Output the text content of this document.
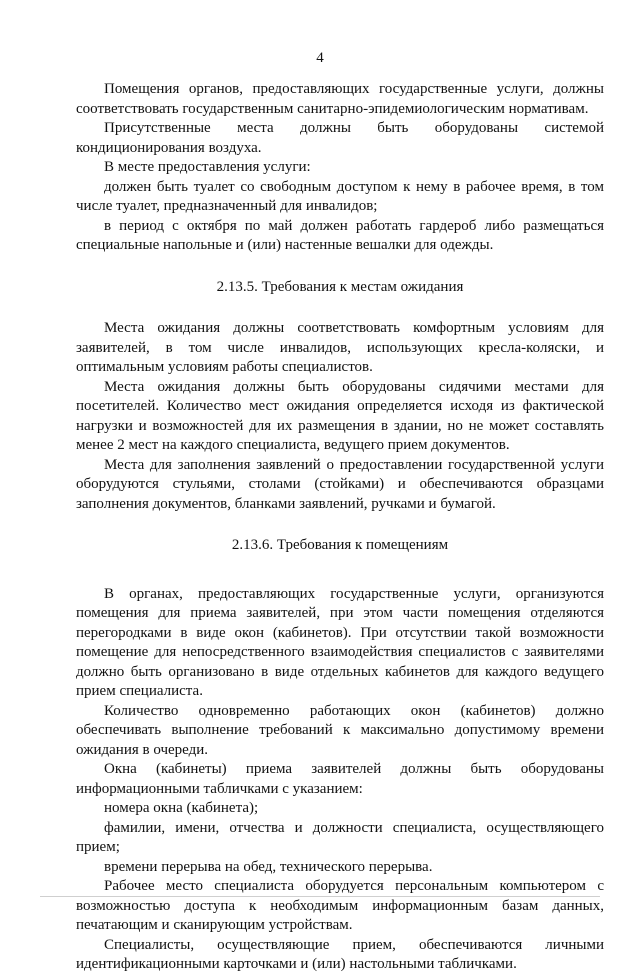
4

Помещения органов, предоставляющих государственные услуги, должны соответствовать государственным санитарно-эпидемиологическим нормативам.

Присутственные места должны быть оборудованы системой кондиционирования воздуха.

В месте предоставления услуги:

должен быть туалет со свободным доступом к нему в рабочее время, в том числе туалет, предназначенный для инвалидов;

в период с октября по май должен работать гардероб либо размещаться специальные напольные и (или) настенные вешалки для одежды.

2.13.5. Требования к местам ожидания

Места ожидания должны соответствовать комфортным условиям для заявителей, в том числе инвалидов, использующих кресла-коляски, и оптимальным условиям работы специалистов.

Места ожидания должны быть оборудованы сидячими местами для посетителей. Количество мест ожидания определяется исходя из фактической нагрузки и возможностей для их размещения в здании, но не может составлять менее 2 мест на каждого специалиста, ведущего прием документов.

Места для заполнения заявлений о предоставлении государственной услуги оборудуются стульями, столами (стойками) и обеспечиваются образцами заполнения документов, бланками заявлений, ручками и бумагой.

2.13.6. Требования к помещениям

В органах, предоставляющих государственные услуги, организуются помещения для приема заявителей, при этом части помещения отделяются перегородками в виде окон (кабинетов). При отсутствии такой возможности помещение для непосредственного взаимодействия специалистов с заявителями должно быть организовано в виде отдельных кабинетов для каждого ведущего прием специалиста.

Количество одновременно работающих окон (кабинетов) должно обеспечивать выполнение требований к максимально допустимому времени ожидания в очереди.

Окна (кабинеты) приема заявителей должны быть оборудованы информационными табличками с указанием:

номера окна (кабинета);

фамилии, имени, отчества и должности специалиста, осуществляющего прием;

времени перерыва на обед, технического перерыва.

Рабочее место специалиста оборудуется персональным компьютером с возможностью доступа к необходимым информационным базам данных, печатающим и сканирующим устройствам.

Специалисты, осуществляющие прием, обеспечиваются личными идентификационными карточками и (или) настольными табличками.
